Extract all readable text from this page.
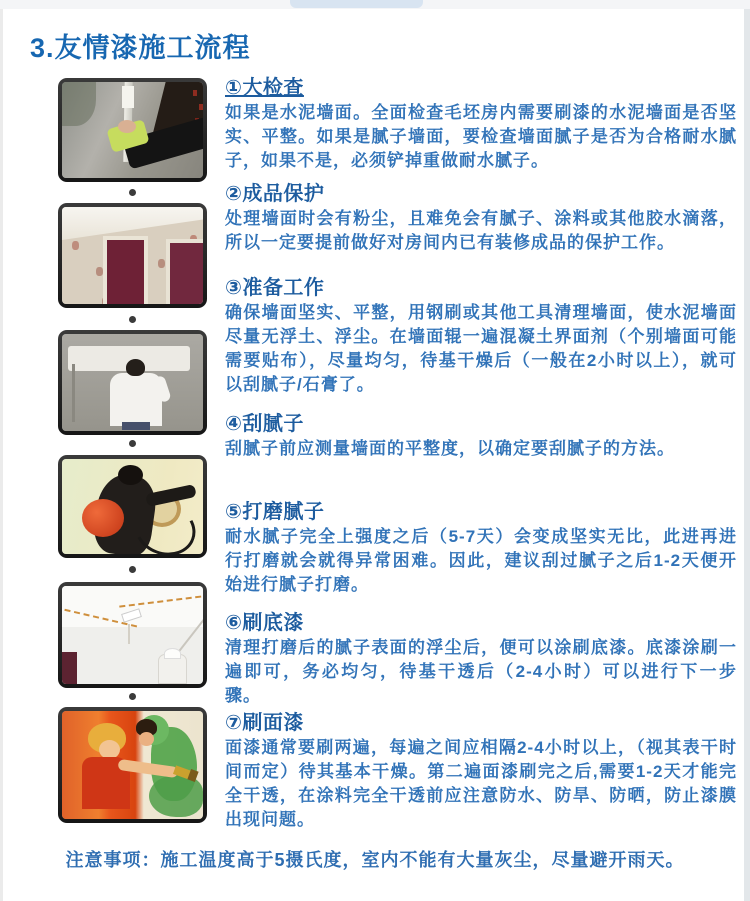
3.友情漆施工流程
①大检查

如果是水泥墙面。全面检查毛坯房内需要刷漆的水泥墙面是否坚实、平整。如果是腻子墙面，要检查墙面腻子是否为合格耐水腻子，如果不是，必须铲掉重做耐水腻子。

②成品保护

处理墙面时会有粉尘，且难免会有腻子、涂料或其他胶水滴落，所以一定要提前做好对房间内已有装修成品的保护工作。

③准备工作

确保墙面坚实、平整，用钢刷或其他工具清理墙面，使水泥墙面尽量无浮土、浮尘。在墙面辊一遍混凝土界面剂（个别墙面可能需要贴布），尽量均匀，待基干燥后（一般在2小时以上），就可以刮腻子/石膏了。

④刮腻子

刮腻子前应测量墙面的平整度，以确定要刮腻子的方法。

⑤打磨腻子

耐水腻子完全上强度之后（5-7天）会变成坚实无比，此进再进行打磨就会就得异常困难。因此，建议刮过腻子之后1-2天便开始进行腻子打磨。

⑥刷底漆

清理打磨后的腻子表面的浮尘后，便可以涂刷底漆。底漆涂刷一遍即可，务必均匀，待基干透后（2-4小时）可以进行下一步骤。

⑦刷面漆

面漆通常要刷两遍，每遍之间应相隔2-4小时以上，（视其表干时间而定）待其基本干燥。第二遍面漆刷完之后,需要1-2天才能完全干透，在涂料完全干透前应注意防水、防旱、防晒，防止漆膜出现问题。

注意事项：施工温度高于5摄氏度，室内不能有大量灰尘，尽量避开雨天。
